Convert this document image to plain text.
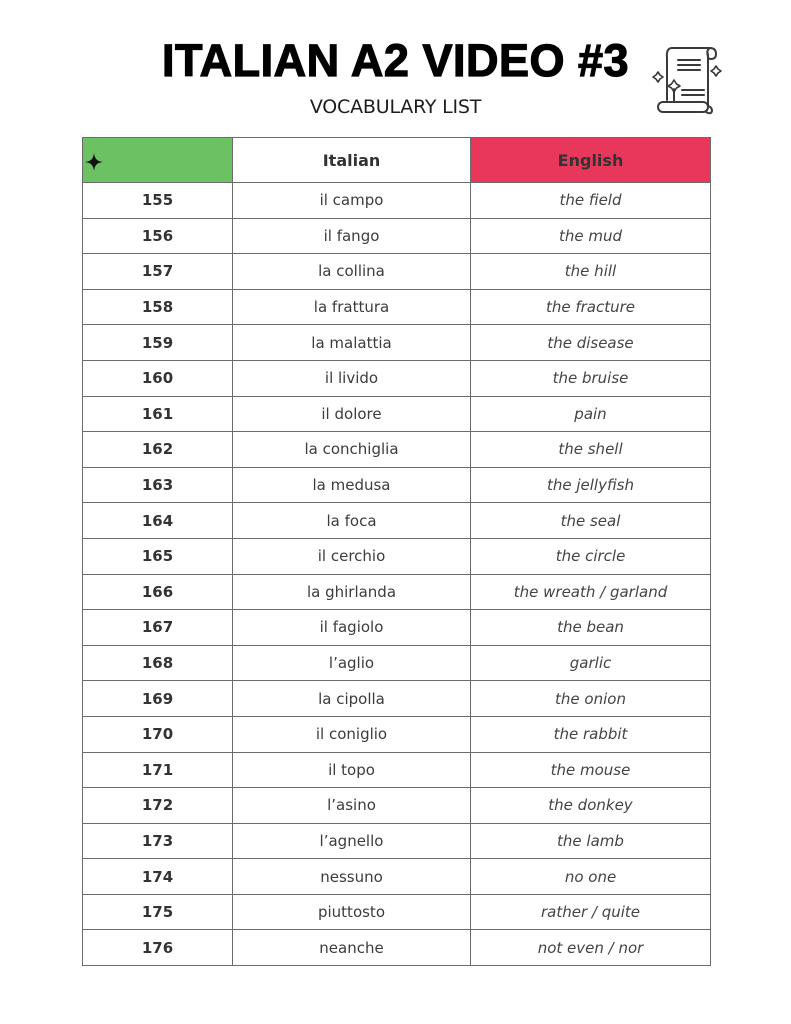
ITALIAN A2 VIDEO #3
VOCABULARY LIST
	Italian	English
155	il campo	the field
156	il fango	the mud
157	la collina	the hill
158	la frattura	the fracture
159	la malattia	the disease
160	il livido	the bruise
161	il dolore	pain
162	la conchiglia	the shell
163	la medusa	the jellyfish
164	la foca	the seal
165	il cerchio	the circle
166	la ghirlanda	the wreath / garland
167	il fagiolo	the bean
168	l’aglio	garlic
169	la cipolla	the onion
170	il coniglio	the rabbit
171	il topo	the mouse
172	l’asino	the donkey
173	l’agnello	the lamb
174	nessuno	no one
175	piuttosto	rather / quite
176	neanche	not even / nor
